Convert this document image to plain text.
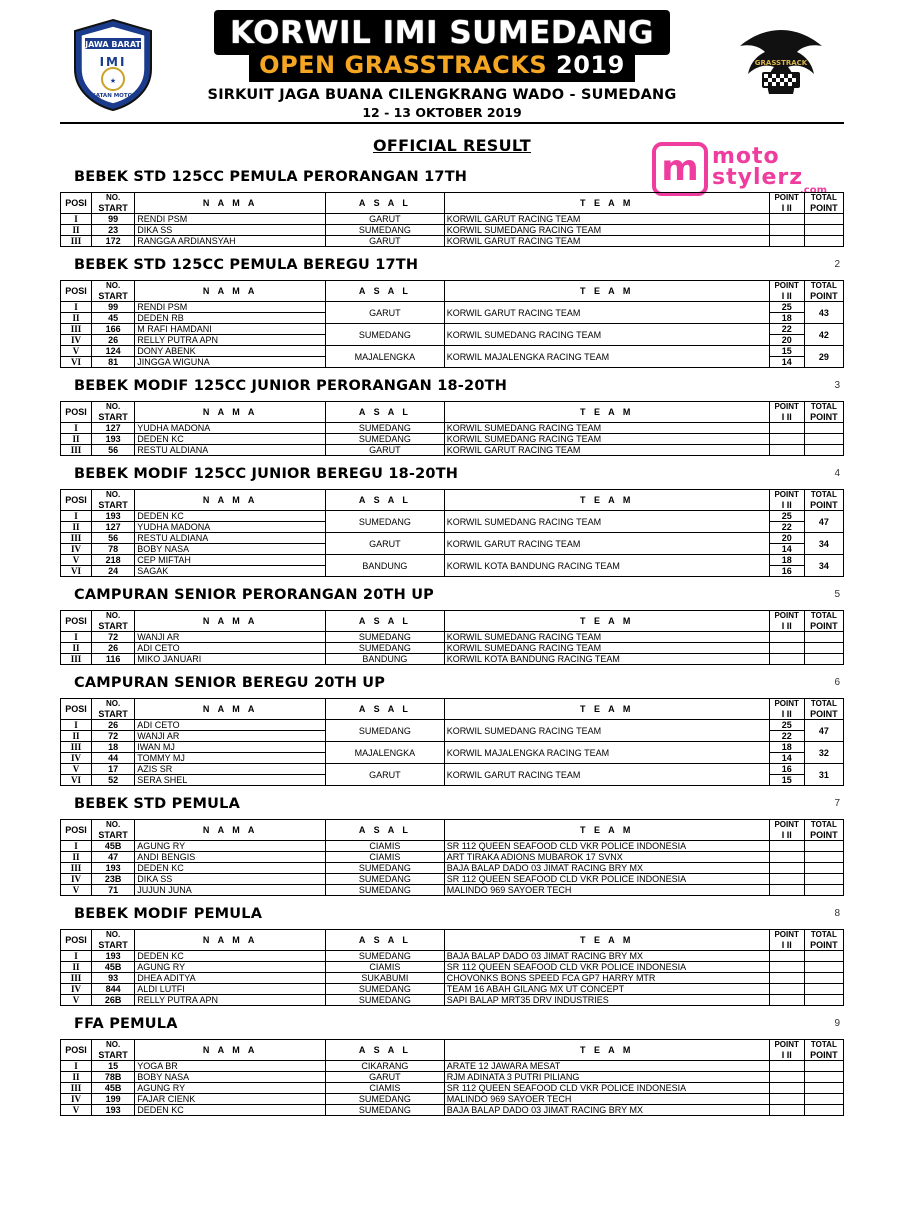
JAWA BARAT
IMI
★
IKATAN MOTOR
KORWIL IMI SUMEDANG

OPEN GRASSTRACKS 2019
SIRKUIT JAGA BUANA CILENGKRANG WADO - SUMEDANG
12 - 13 OKTOBER 2019
GRASSTRACK
OFFICIAL RESULT
m moto
stylerz
.com
BEBEK STD 125CC PEMULA PERORANGAN 17TH
POSI	NO.
START	N A M A	A S A L	T E A M	POINT
I II	TOTAL
POINT
I	99	RENDI PSM	GARUT	KORWIL GARUT RACING TEAM		
II	23	DIKA SS	SUMEDANG	KORWIL SUMEDANG RACING TEAM		
III	172	RANGGA ARDIANSYAH	GARUT	KORWIL GARUT RACING TEAM		
BEBEK STD 125CC PEMULA BEREGU 17TH	2
POSI	NO.
START	N A M A	A S A L	T E A M	POINT
I II	TOTAL
POINT
I	99	RENDI PSM	GARUT	KORWIL GARUT RACING TEAM	25	43
II	45	DEDEN RB			18	
III	166	M RAFI HAMDANI	SUMEDANG	KORWIL SUMEDANG RACING TEAM	22	42
IV	26	RELLY PUTRA APN			20	
V	124	DONY ABENK	MAJALENGKA	KORWIL MAJALENGKA RACING TEAM	15	29
VI	81	JINGGA WIGUNA			14	
BEBEK MODIF 125CC JUNIOR PERORANGAN 18-20TH	3
POSI	NO.
START	N A M A	A S A L	T E A M	POINT
I II	TOTAL
POINT
I	127	YUDHA MADONA	SUMEDANG	KORWIL SUMEDANG RACING TEAM		
II	193	DEDEN KC	SUMEDANG	KORWIL SUMEDANG RACING TEAM		
III	56	RESTU ALDIANA	GARUT	KORWIL GARUT RACING TEAM		
BEBEK MODIF 125CC JUNIOR BEREGU 18-20TH	4
POSI	NO.
START	N A M A	A S A L	T E A M	POINT
I II	TOTAL
POINT
I	193	DEDEN KC	SUMEDANG	KORWIL SUMEDANG RACING TEAM	25	47
II	127	YUDHA MADONA			22	
III	56	RESTU ALDIANA	GARUT	KORWIL GARUT RACING TEAM	20	34
IV	78	BOBY NASA			14	
V	218	CEP MIFTAH	BANDUNG	KORWIL KOTA BANDUNG RACING TEAM	18	34
VI	24	SAGAK			16	
CAMPURAN SENIOR PERORANGAN 20TH UP	5
POSI	NO.
START	N A M A	A S A L	T E A M	POINT
I II	TOTAL
POINT
I	72	WANJI AR	SUMEDANG	KORWIL SUMEDANG RACING TEAM		
II	26	ADI CETO	SUMEDANG	KORWIL SUMEDANG RACING TEAM		
III	116	MIKO JANUARI	BANDUNG	KORWIL KOTA BANDUNG RACING TEAM		
CAMPURAN SENIOR BEREGU 20TH UP	6
POSI	NO.
START	N A M A	A S A L	T E A M	POINT
I II	TOTAL
POINT
I	26	ADI CETO	SUMEDANG	KORWIL SUMEDANG RACING TEAM	25	47
II	72	WANJI AR			22	
III	18	IWAN MJ	MAJALENGKA	KORWIL MAJALENGKA RACING TEAM	18	32
IV	44	TOMMY MJ			14	
V	17	AZIS SR	GARUT	KORWIL GARUT RACING TEAM	16	31
VI	52	SERA SHEL			15	
BEBEK STD PEMULA	7
POSI	NO.
START	N A M A	A S A L	T E A M	POINT
I II	TOTAL
POINT
I	45B	AGUNG RY	CIAMIS	SR 112 QUEEN SEAFOOD CLD VKR POLICE INDONESIA		
II	47	ANDI BENGIS	CIAMIS	ART TIRAKA ADIONS MUBAROK 17 SVNX		
III	193	DEDEN KC	SUMEDANG	BAJA BALAP DADO 03 JIMAT RACING BRY MX		
IV	23B	DIKA SS	SUMEDANG	SR 112 QUEEN SEAFOOD CLD VKR POLICE INDONESIA		
V	71	JUJUN JUNA	SUMEDANG	MALINDO 969 SAYOER TECH		
BEBEK MODIF PEMULA	8
POSI	NO.
START	N A M A	A S A L	T E A M	POINT
I II	TOTAL
POINT
I	193	DEDEN KC	SUMEDANG	BAJA BALAP DADO 03 JIMAT RACING BRY MX		
II	45B	AGUNG RY	CIAMIS	SR 112 QUEEN SEAFOOD CLD VKR POLICE INDONESIA		
III	93	DHEA ADITYA	SUKABUMI	CHOVONKS BONS SPEED FCA GP7 HARRY MTR		
IV	844	ALDI LUTFI	SUMEDANG	TEAM 16 ABAH GILANG MX UT CONCEPT		
V	26B	RELLY PUTRA APN	SUMEDANG	SAPI BALAP MRT35 DRV INDUSTRIES		
FFA PEMULA	9
POSI	NO.
START	N A M A	A S A L	T E A M	POINT
I II	TOTAL
POINT
I	15	YOGA BR	CIKARANG	ARATE 12 JAWARA MESAT		
II	78B	BOBY NASA	GARUT	RJM ADINATA 3 PUTRI PILIANG		
III	45B	AGUNG RY	CIAMIS	SR 112 QUEEN SEAFOOD CLD VKR POLICE INDONESIA		
IV	199	FAJAR CIENK	SUMEDANG	MALINDO 969 SAYOER TECH		
V	193	DEDEN KC	SUMEDANG	BAJA BALAP DADO 03 JIMAT RACING BRY MX		
